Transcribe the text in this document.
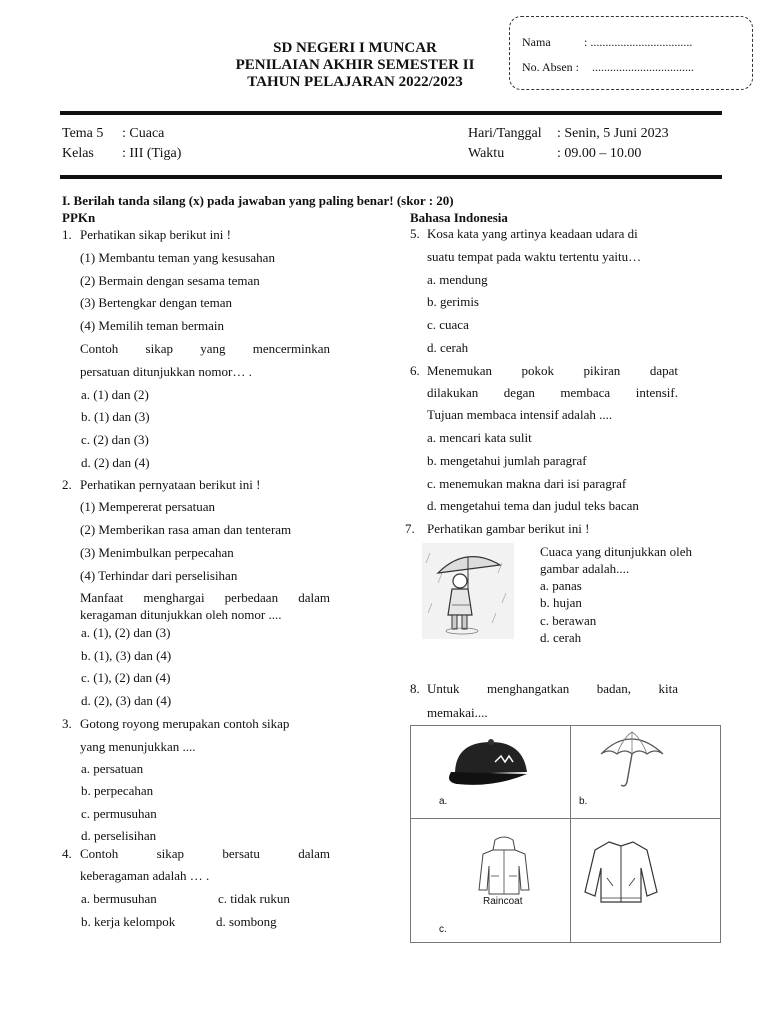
SD NEGERI I MUNCAR
PENILAIAN AKHIR SEMESTER II
TAHUN PELAJARAN 2022/2023
Nama	: ..................................
No. Absen : ..................................
Tema 5 : Cuaca
Kelas : III (Tiga)
Hari/Tanggal : Senin, 5 Juni 2023
Waktu	: 09.00 – 10.00
I. Berilah tanda silang (x) pada jawaban yang paling benar! (skor : 20)
PPKn	Bahasa Indonesia
1. Perhatikan sikap berikut ini !
(1) Membantu teman yang kesusahan
(2) Bermain dengan sesama teman
(3) Bertengkar dengan teman
(4) Memilih teman bermain
Contoh sikap yang mencerminkan
persatuan ditunjukkan nomor… .
a. (1) dan (2)
b. (1) dan (3)
c. (2) dan (3)
d. (2) dan (4)
2. Perhatikan pernyataan berikut ini !
(1) Mempererat persatuan
(2) Memberikan rasa aman dan tenteram
(3) Menimbulkan perpecahan
(4) Terhindar dari perselisihan
Manfaat menghargai perbedaan dalam
keragaman ditunjukkan oleh nomor ....
a. (1), (2) dan (3)
b. (1), (3) dan (4)
c. (1), (2) dan (4)
d. (2), (3) dan (4)
3. Gotong royong merupakan contoh sikap
yang menunjukkan ....
a. persatuan
b. perpecahan
c. permusuhan
d. perselisihan
4. Contoh	sikap	bersatu	dalam
keberagaman adalah … .
a. bermusuhan	c. tidak rukun
b. kerja kelompok	d. sombong
5. Kosa kata yang artinya keadaan udara di
suatu tempat pada waktu tertentu yaitu…
a. mendung
b. gerimis
c. cuaca
d. cerah
6. Menemukan pokok pikiran dapat
dilakukan degan membaca intensif.
Tujuan membaca intensif adalah ....
a. mencari kata sulit
b. mengetahui jumlah paragraf
c. menemukan makna dari isi paragraf
d. mengetahui tema dan judul teks bacan
7. Perhatikan gambar berikut ini !
Cuaca yang ditunjukkan oleh
gambar adalah....
a. panas
b. hujan
c. berawan
d. cerah
8. Untuk menghangatkan badan, kita
memakai....
a.	b.
Raincoat
c.
